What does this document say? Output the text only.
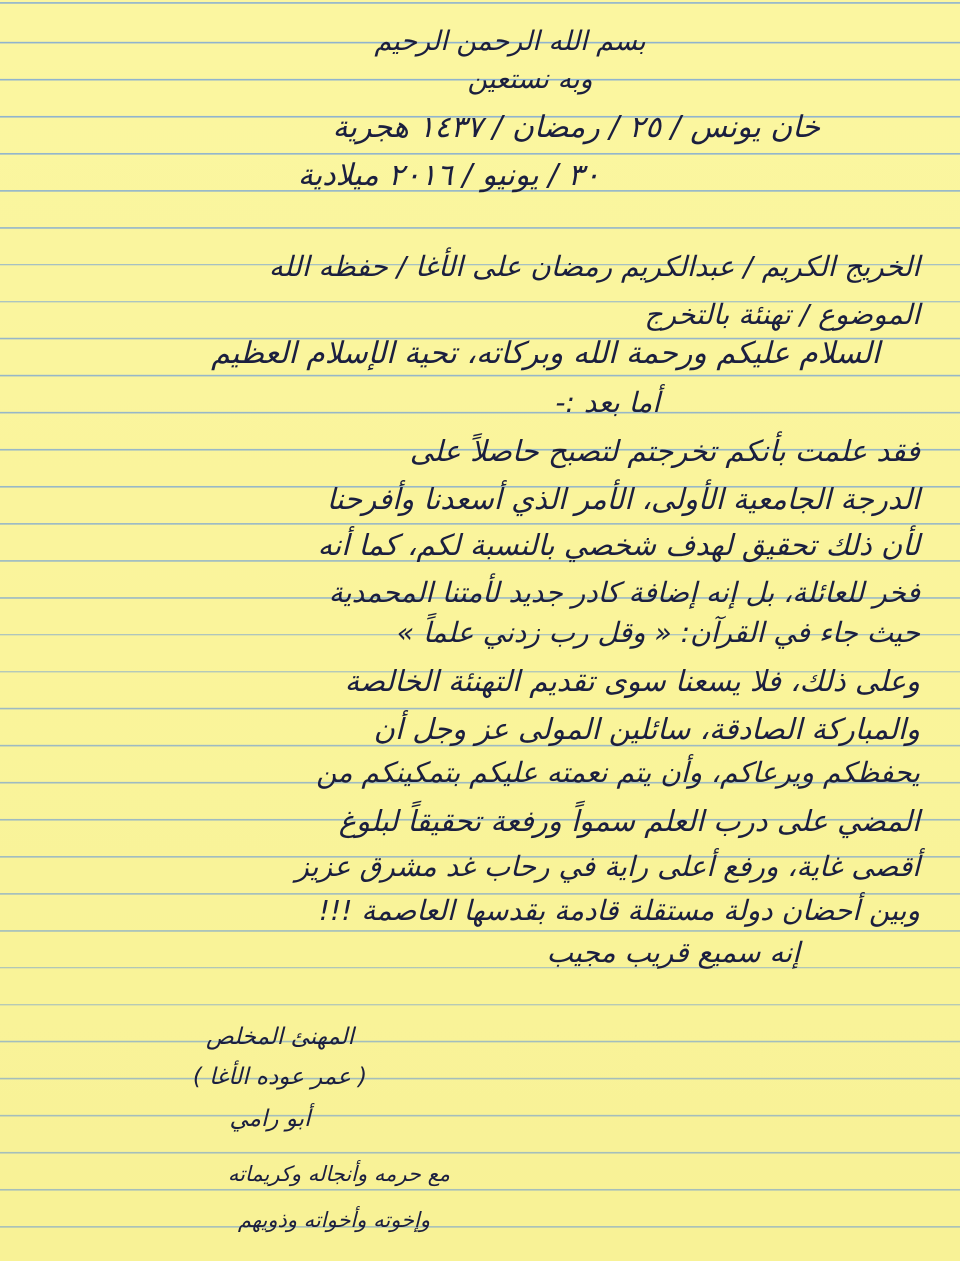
بسم الله الرحمن الرحيم
وبه نستعين
خان يونس / ٢٥ / رمضان / ١٤٣٧ هجرية
٣٠ / يونيو / ٢٠١٦ ميلادية
الخريج الكريم / عبدالكريم رمضان على الأغا / حفظه الله
الموضوع / تهنئة بالتخرج
السلام عليكم ورحمة الله وبركاته، تحية الإسلام العظيم
أما بعد :-
فقد علمت بأنكم تخرجتم لتصبح حاصلاً على
الدرجة الجامعية الأولى، الأمر الذي أسعدنا وأفرحنا
لأن ذلك تحقيق لهدف شخصي بالنسبة لكم، كما أنه
فخر للعائلة، بل إنه إضافة كادر جديد لأمتنا المحمدية
حيث جاء في القرآن: « وقل رب زدني علماً »
وعلى ذلك، فلا يسعنا سوى تقديم التهنئة الخالصة
والمباركة الصادقة، سائلين المولى عز وجل أن
يحفظكم ويرعاكم، وأن يتم نعمته عليكم بتمكينكم من
المضي على درب العلم سمواً ورفعة تحقيقاً لبلوغ
أقصى غاية، ورفع أعلى راية في رحاب غد مشرق عزيز
وبين أحضان دولة مستقلة قادمة بقدسها العاصمة !!!
إنه سميع قريب مجيب
المهنئ المخلص
( عمر عوده الأغا )
أبو رامي
مع حرمه وأنجاله وكريماته
وإخوته وأخواته وذويهم
